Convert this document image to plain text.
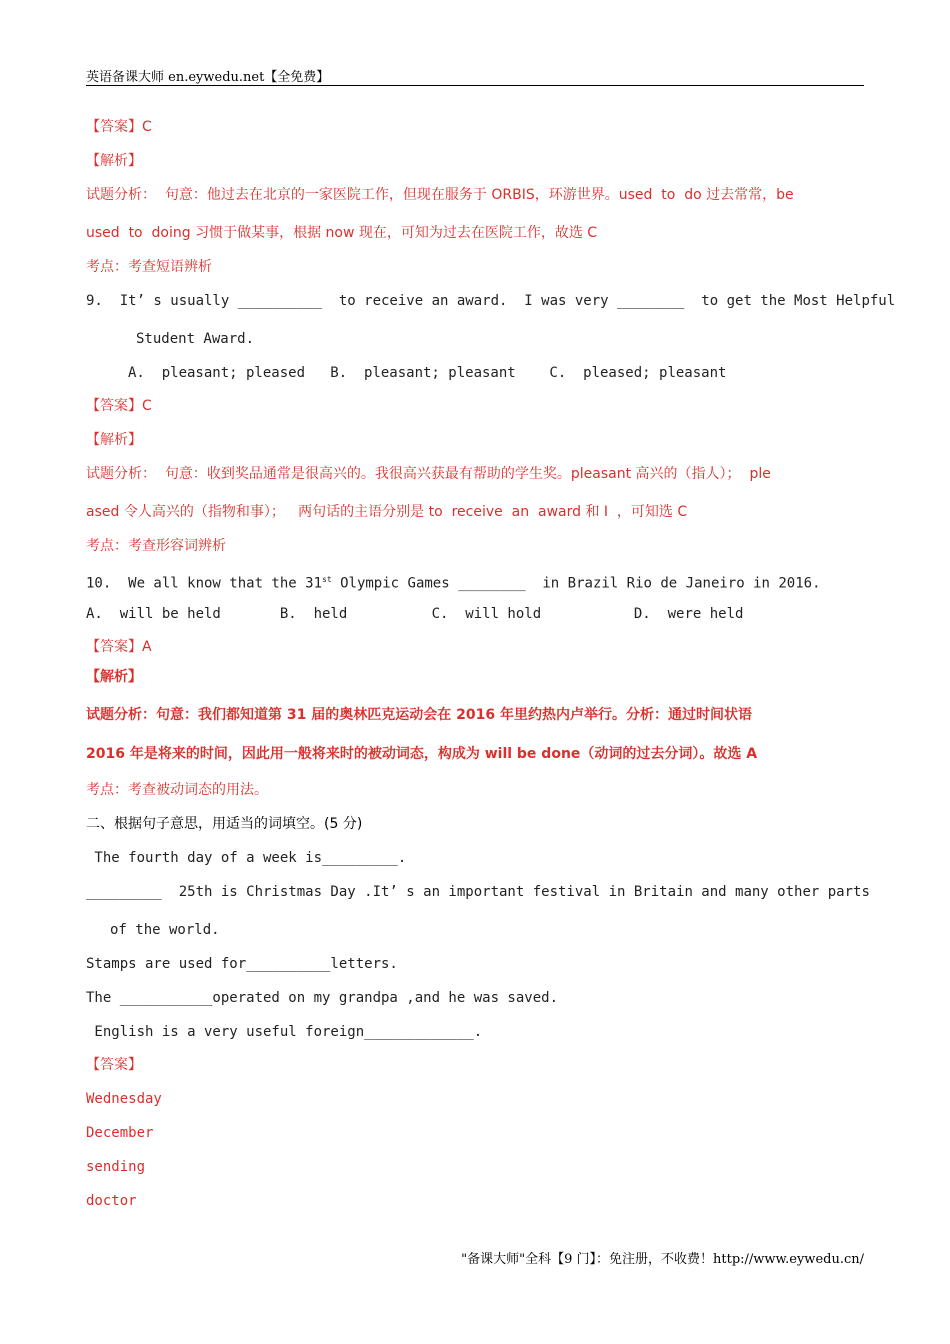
英语备课大师 en.eywedu.net【全免费】
【答案】C
【解析】
试题分析：  句意：他过去在北京的一家医院工作，但现在服务于 ORBIS，环游世界。used  to  do 过去常常，be
used  to  doing 习惯于做某事，根据 now 现在，可知为过去在医院工作，故选 C
考点：考查短语辨析
9.  It’ s usually __________  to receive an award.  I was very ________  to get the Most Helpful
Student Award.
A.  pleasant; pleased   B.  pleasant; pleasant    C.  pleased; pleasant
【答案】C
【解析】
试题分析：  句意：收到奖品通常是很高兴的。我很高兴获最有帮助的学生奖。pleasant 高兴的（指人）；  ple
ased 令人高兴的（指物和事）；   两句话的主语分别是 to  receive  an  award 和 I  ，可知选 C
考点：考查形容词辨析
10.  We all know that the 31st Olympic Games ________  in Brazil Rio de Janeiro in 2016.
A.  will be held       B.  held          C.  will hold           D.  were held
【答案】A
【解析】
试题分析：句意：我们都知道第 31 届的奥林匹克运动会在 2016 年里约热内卢举行。分析：通过时间状语
2016 年是将来的时间，因此用一般将来时的被动词态，构成为 will be done（动词的过去分词）。故选 A
考点：考查被动词态的用法。
二、根据句子意思，用适当的词填空。(5 分)
The fourth day of a week is_________.
_________  25th is Christmas Day .It’ s an important festival in Britain and many other parts
of the world.
Stamps are used for__________letters.
The ___________operated on my grandpa ,and he was saved.
English is a very useful foreign_____________.
【答案】
Wednesday
December
sending
doctor
"备课大师"全科【9 门】：免注册，不收费！http://www.eywedu.cn/
